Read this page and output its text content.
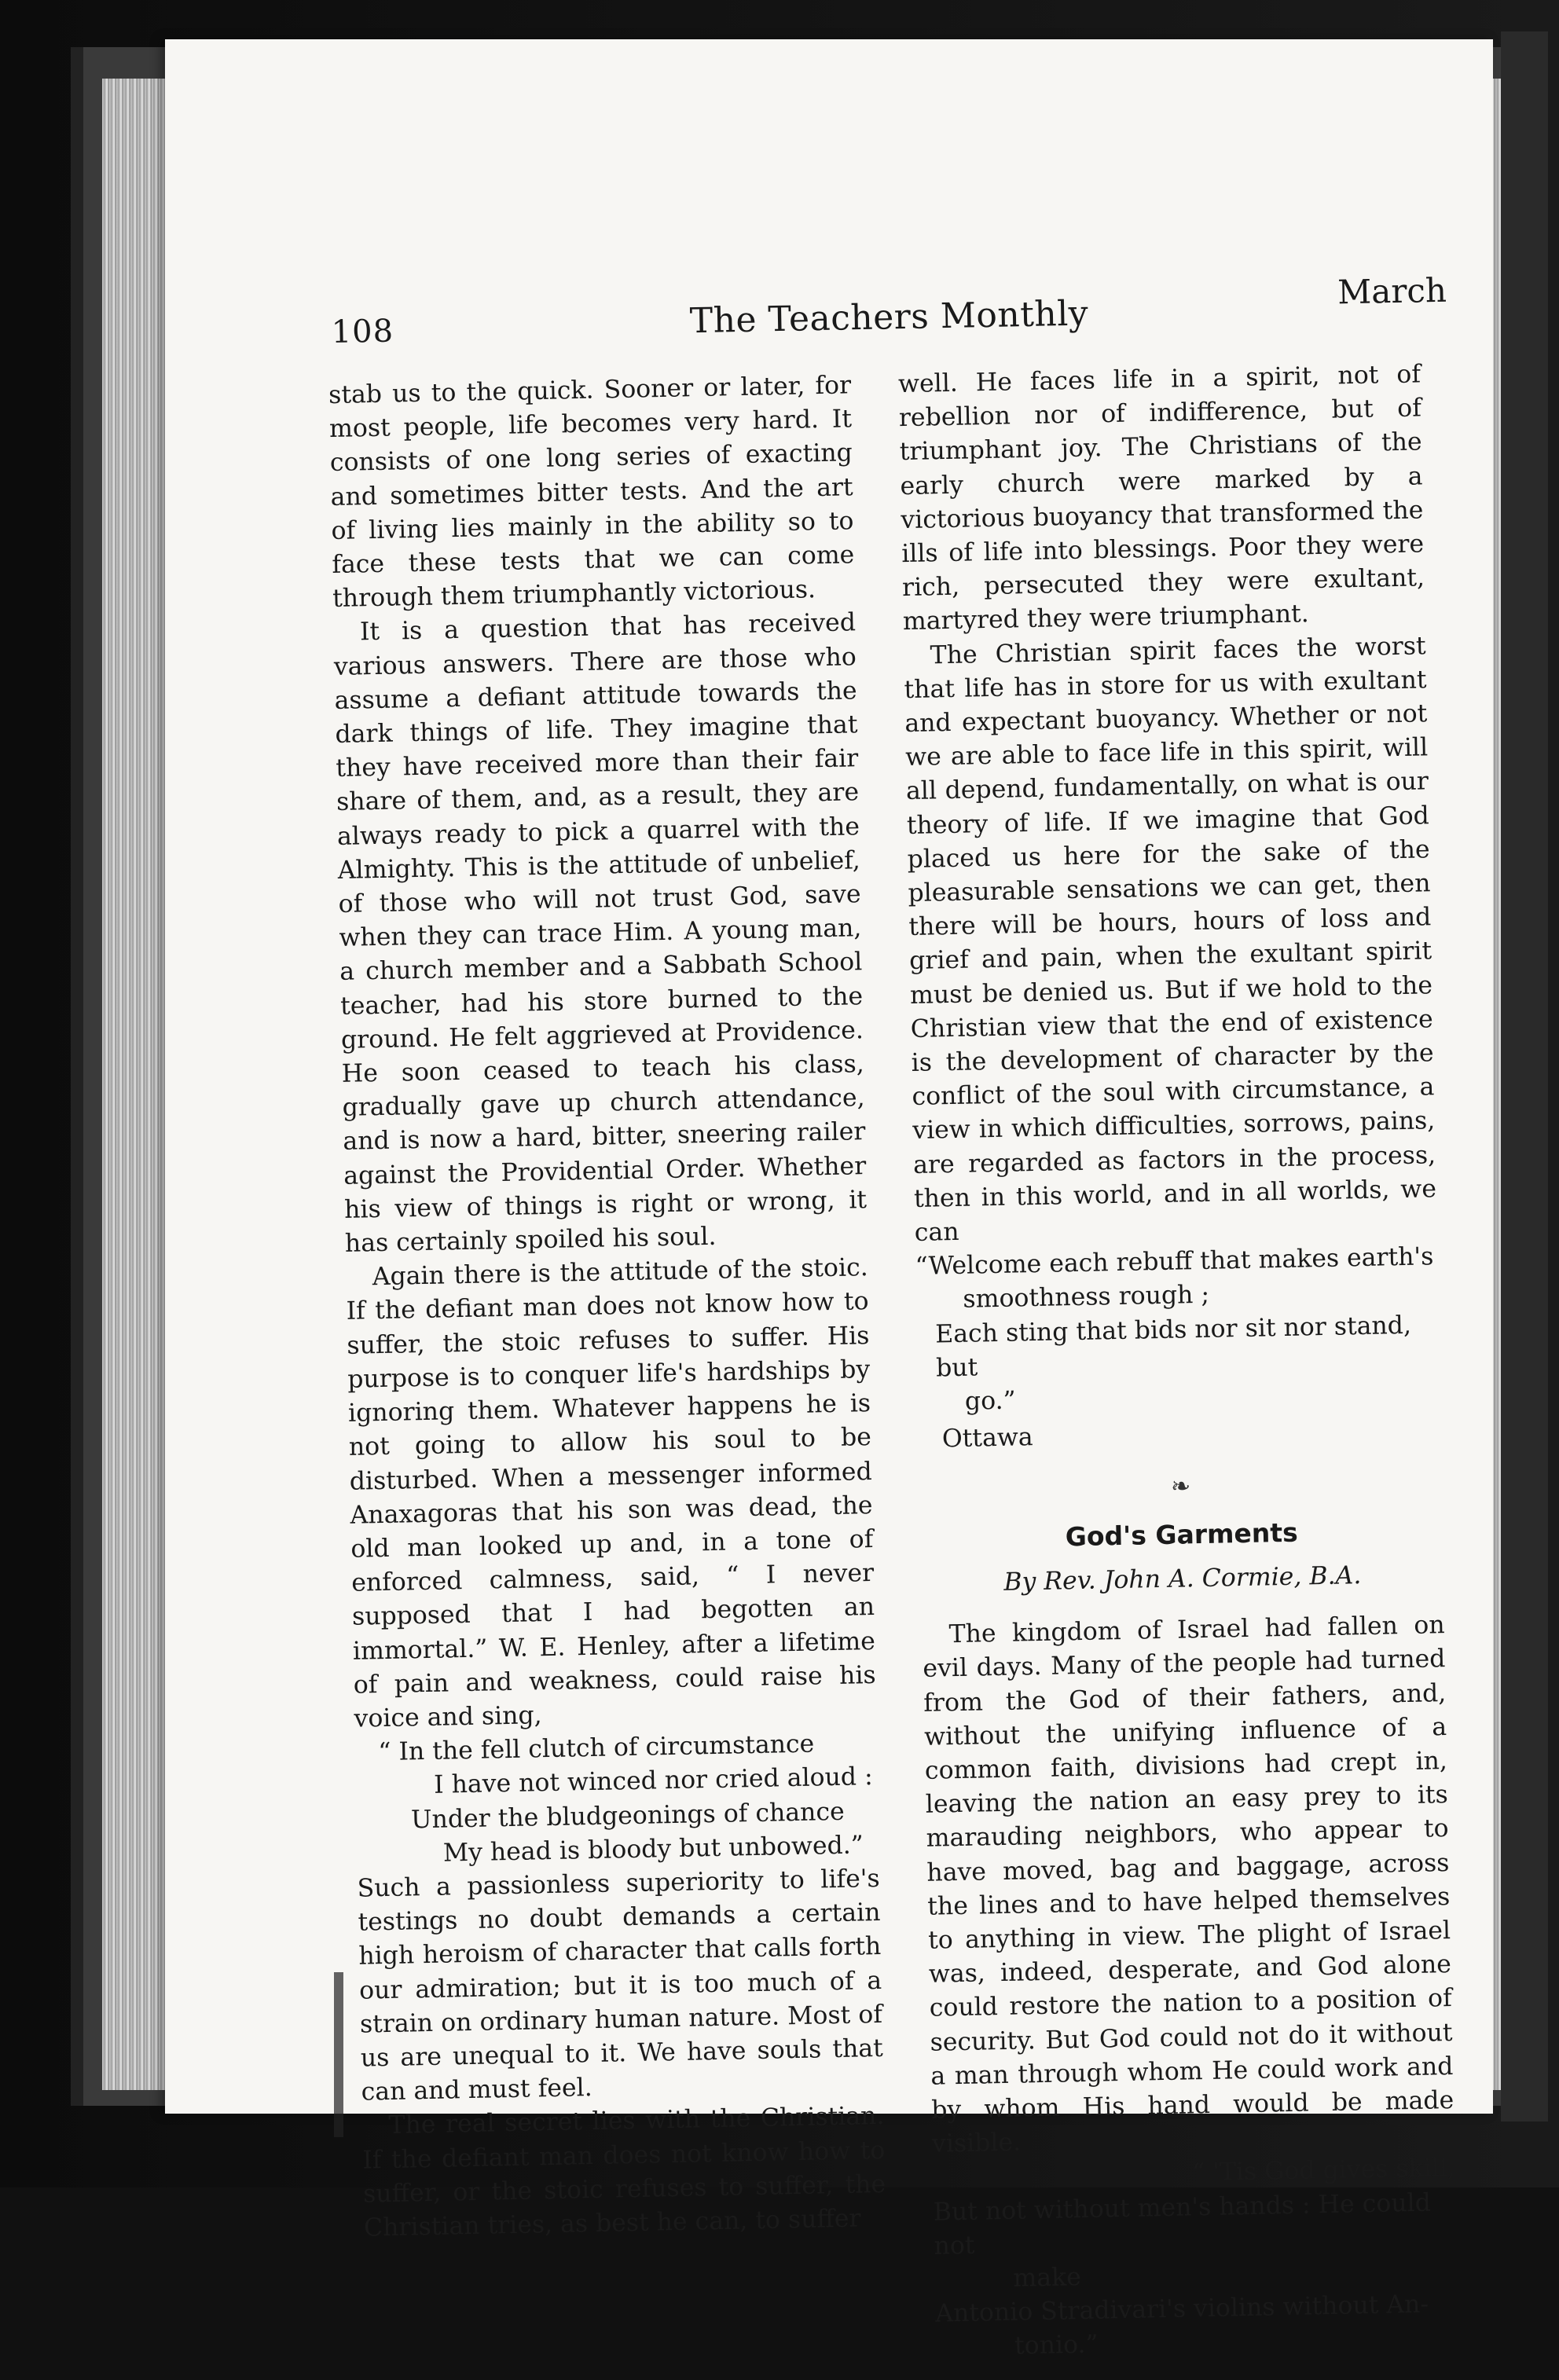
108	The Teachers Monthly
March

stab us to the quick. Sooner or later, for most people, life becomes very hard. It consists of one long series of exacting and sometimes bitter tests. And the art of living lies mainly in the ability so to face these tests that we can come through them triumphantly victorious.

It is a question that has received various answers. There are those who assume a defiant attitude towards the dark things of life. They imagine that they have received more than their fair share of them, and, as a result, they are always ready to pick a quarrel with the Almighty. This is the attitude of unbelief, of those who will not trust God, save when they can trace Him. A young man, a church member and a Sabbath School teacher, had his store burned to the ground. He felt aggrieved at Providence. He soon ceased to teach his class, gradually gave up church attendance, and is now a hard, bitter, sneering railer against the Providential Order. Whether his view of things is right or wrong, it has certainly spoiled his soul.

Again there is the attitude of the stoic. If the defiant man does not know how to suffer, the stoic refuses to suffer. His purpose is to conquer life's hardships by ignoring them. Whatever happens he is not going to allow his soul to be disturbed. When a messenger informed Anaxagoras that his son was dead, the old man looked up and, in a tone of enforced calmness, said, “ I never supposed that I had begotten an immortal.” W. E. Henley, after a lifetime of pain and weakness, could raise his voice and sing,

“ In the fell clutch of circumstance
I have not winced nor cried aloud :
Under the bludgeonings of chance
My head is bloody but unbowed.”

Such a passionless superiority to life's testings no doubt demands a certain high heroism of character that calls forth our admiration; but it is too much of a strain on ordinary human nature. Most of us are unequal to it. We have souls that can and must feel.

The real secret lies with the Christian. If the defiant man does not know how to suffer, or the stoic refuses to suffer, the Christian tries, as best he can, to suffer

well. He faces life in a spirit, not of rebellion nor of indifference, but of triumphant joy. The Christians of the early church were marked by a victorious buoyancy that transformed the ills of life into blessings. Poor they were rich, persecuted they were exultant, martyred they were triumphant.

The Christian spirit faces the worst that life has in store for us with exultant and expectant buoyancy. Whether or not we are able to face life in this spirit, will all depend, fundamentally, on what is our theory of life. If we imagine that God placed us here for the sake of the pleasurable sensations we can get, then there will be hours, hours of loss and grief and pain, when the exultant spirit must be denied us. But if we hold to the Christian view that the end of existence is the development of character by the conflict of the soul with circumstance, a view in which difficulties, sorrows, pains, are regarded as factors in the process, then in this world, and in all worlds, we can

“Welcome each rebuff that makes earth's
smoothness rough ;
Each sting that bids nor sit nor stand, but
go.”
Ottawa
❧
God's Garments
By Rev. John A. Cormie, B.A.

The kingdom of Israel had fallen on evil days. Many of the people had turned from the God of their fathers, and, without the unifying influence of a common faith, divisions had crept in, leaving the nation an easy prey to its marauding neighbors, who appear to have moved, bag and baggage, across the lines and to have helped themselves to anything in view. The plight of Israel was, indeed, desperate, and God alone could restore the nation to a position of security. But God could not do it without a man through whom He could work and by whom His hand would be made visible.

“ 'Tis God gives skill,
But not without men's hands : He could not
make
Antonio Stradivari's violins without An-
tonio.”
